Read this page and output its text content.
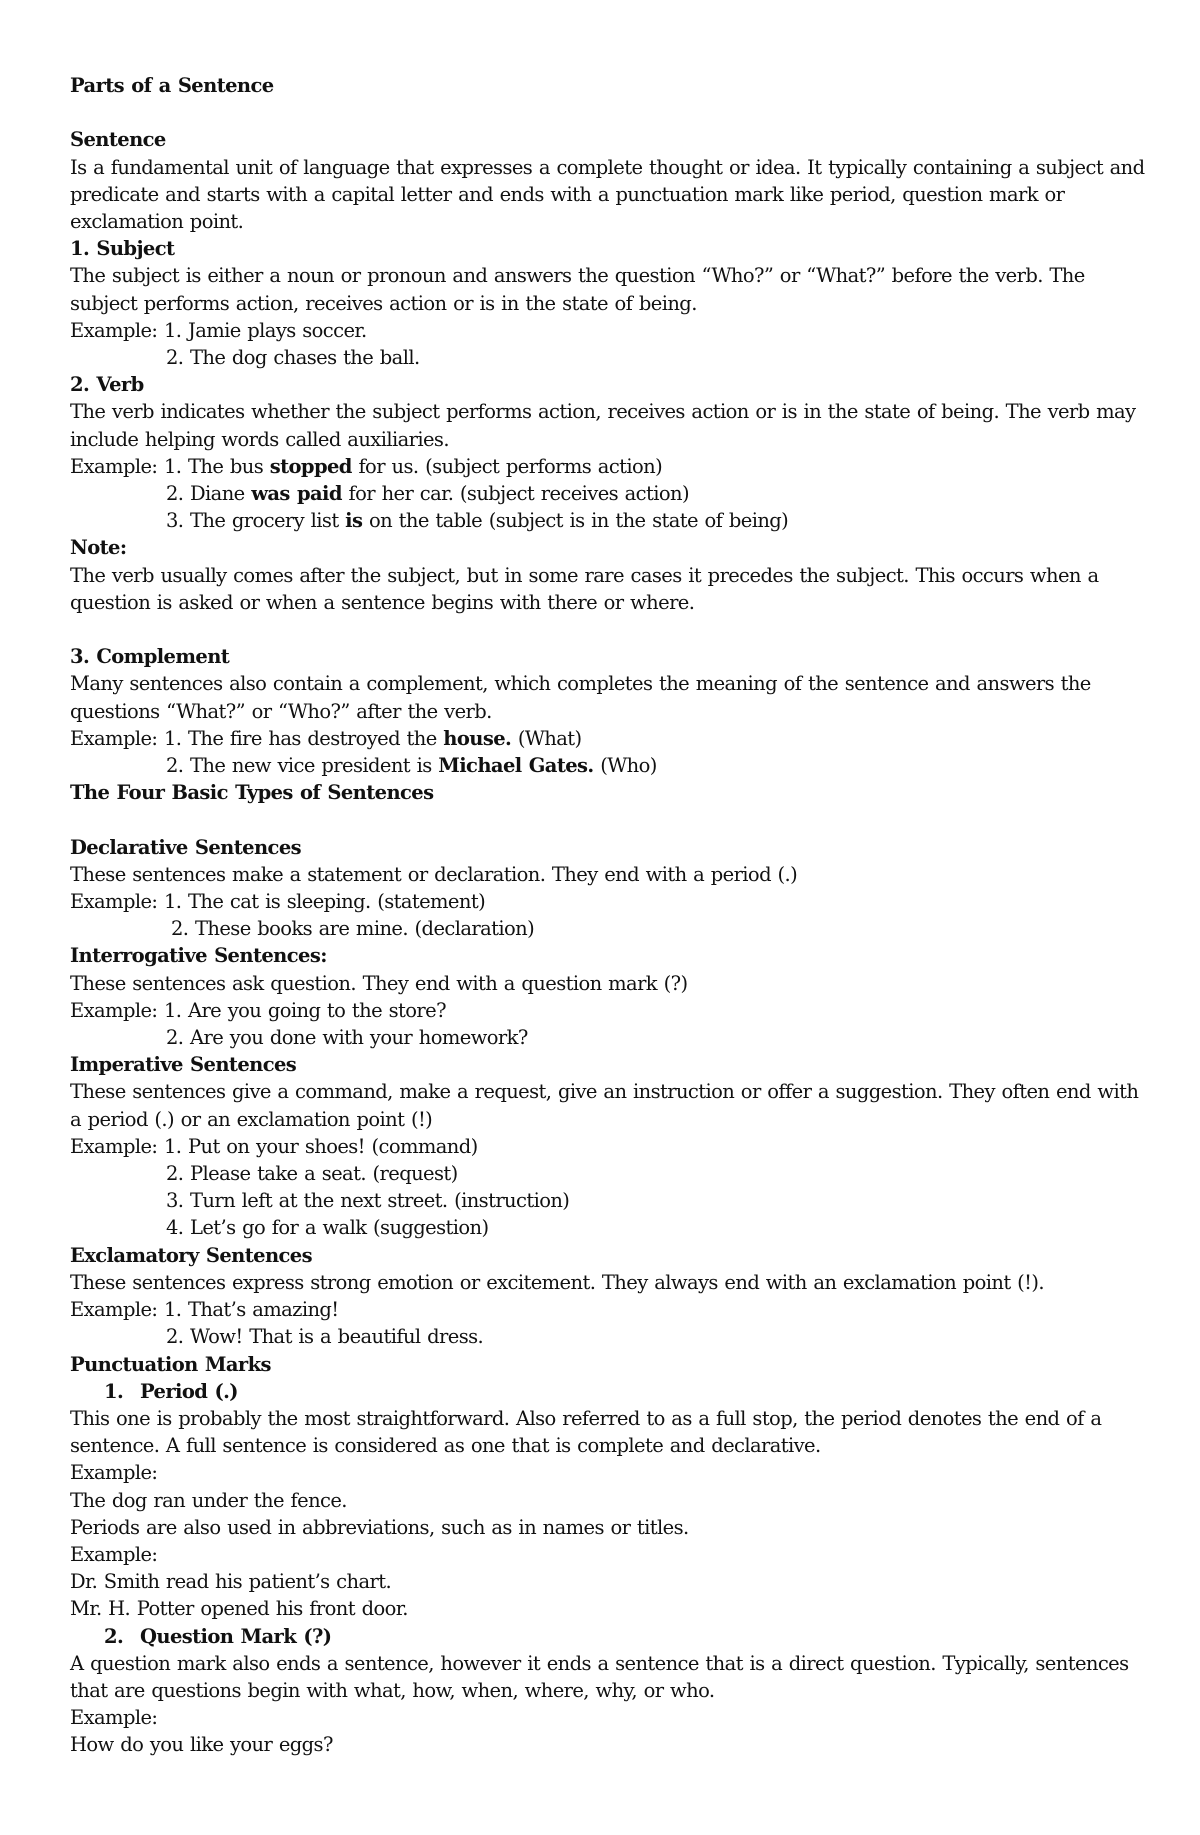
Parts of a Sentence
Sentence
Is a fundamental unit of language that expresses a complete thought or idea. It typically containing a subject and
predicate and starts with a capital letter and ends with a punctuation mark like period, question mark or
exclamation point.
1. Subject
The subject is either a noun or pronoun and answers the question “Who?” or “What?” before the verb. The
subject performs action, receives action or is in the state of being.
Example: 1. Jamie plays soccer.
2. The dog chases the ball.
2. Verb
The verb indicates whether the subject performs action, receives action or is in the state of being. The verb may
include helping words called auxiliaries.
Example: 1. The bus stopped for us. (subject performs action)
2. Diane was paid for her car. (subject receives action)
3. The grocery list is on the table (subject is in the state of being)
Note:
The verb usually comes after the subject, but in some rare cases it precedes the subject. This occurs when a
question is asked or when a sentence begins with there or where.
3. Complement
Many sentences also contain a complement, which completes the meaning of the sentence and answers the
questions “What?” or “Who?” after the verb.
Example: 1. The fire has destroyed the house. (What)
2. The new vice president is Michael Gates. (Who)
The Four Basic Types of Sentences
Declarative Sentences
These sentences make a statement or declaration. They end with a period (.)
Example: 1. The cat is sleeping. (statement)
2. These books are mine. (declaration)
Interrogative Sentences:
These sentences ask question. They end with a question mark (?)
Example: 1. Are you going to the store?
2. Are you done with your homework?
Imperative Sentences
These sentences give a command, make a request, give an instruction or offer a suggestion. They often end with
a period (.) or an exclamation point (!)
Example: 1. Put on your shoes! (command)
2. Please take a seat. (request)
3. Turn left at the next street. (instruction)
4. Let’s go for a walk (suggestion)
Exclamatory Sentences
These sentences express strong emotion or excitement. They always end with an exclamation point (!).
Example: 1. That’s amazing!
2. Wow! That is a beautiful dress.
Punctuation Marks
1. Period (.)
This one is probably the most straightforward. Also referred to as a full stop, the period denotes the end of a
sentence. A full sentence is considered as one that is complete and declarative.
Example:
The dog ran under the fence.
Periods are also used in abbreviations, such as in names or titles.
Example:
Dr. Smith read his patient’s chart.
Mr. H. Potter opened his front door.
2. Question Mark (?)
A question mark also ends a sentence, however it ends a sentence that is a direct question. Typically, sentences
that are questions begin with what, how, when, where, why, or who.
Example:
How do you like your eggs?
